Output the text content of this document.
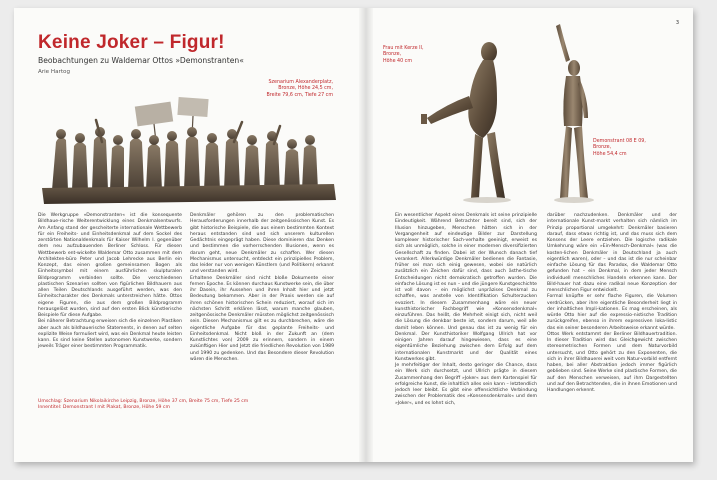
Keine Joker – Figur!
Beobachtungen zu Waldemar Ottos »Demonstranten«
Arie Hartog
Szenarium Alexanderplatz,
Bronze, Höhe 24,5 cm,
Breite 79,6 cm, Tiefe 27 cm

Die Werkgruppe »Demonstranten« ist die konsequente Bildhaue-rische Weiterentwicklung eines Denkmalsentwurfs. Am Anfang stand der gescheiterte internationale Wettbewerb für ein Freiheits- und Einheitsdenkmal auf dem Sockel des zerstörten Nationaldenkmals für Kaiser Wilhelm I. gegenüber dem neu aufzubauenden Berliner Schloss. Für diesen Wettbewerb ent-wickelte Waldemar Otto zusammen mit dem Architekten-büro Peter und Jacob Lehrecke aus Berlin ein Konzept, das einen großen gemeinsamen Bogen als Einheitssymbol mit einem ausführlichen skulpturalen Bildprogramm verbinden sollte. Die verschiedenen plastischen Szenarien sollten von figürlichen Bildhauern aus allen Teilen Deutschlands ausgeführt werden, was den Einheitscharakter des Denkmals unterstreichen hätte. Ottos eigene Figuren, die aus dem großen Bildprogramm herausgelöst wurden, sind auf den ersten Blick künstlerische Beispiele für diese Aufgabe.

Bei näherer Betrachtung erweisen sich die einzelnen Plastiken aber auch als bildhauerische Statements, in denen auf selten explizite Weise formuliert wird, was ein Denkmal heute leisten kann. Es sind keine Stellen autonomen Kunstwerke, sondern jeweils Träger einer bestimmten Programmatik.

Denkmäler gehören zu den problematischen Herausforderungen innerhalb der zeitgenössischen Kunst. Es gibt historische Beispiele, die aus einem bestimmten Kontext heraus entstanden sind und sich unserem kulturellen Gedächtnis eingeprägt haben. Diese dominieren das Denken und bestimmen die vorherrschenden Illusionen, wenn es darum geht, neue Denkmäler zu schaffen. Wer diesen Mechanismus untersucht, entdeckt ein prinzipielles Problem, das leider nur von wenigen Künstlern (und Politikern) erkannt und verstanden wird.

Erhaltene Denkmäler sind nicht bloße Dokumente einer fernen Epoche. Es können durchaus Kunstwerke sein, die über ihr Dasein, ihr Aussehen und ihren Inhalt hier und jetzt Bedeutung bekommen. Aber in der Praxis werden sie auf ihren schönen historischen Schein reduziert, worauf sich im nächsten Schritt erklären lässt, warum manche glauben, zeitgenössische Denkmäler müssten möglichst zeitgenössisch sein. Diesen Mechanismus gilt es zu durchbrechen, wäre die eigentliche Aufgabe für das geplante Freiheits- und Einheitsdenkmal. Nicht bloß in der Zukunft an (dem Kunstlichtes von) 2009 zu erinnern, sondern in einem zukünftigen Hier und Jetzt die friedlichen Revolution von 1989 und 1990 zu gedenken. Und das Besondere dieser Revolution wären die Menschen.

Umschlag: Szenarium Nikolaikirche Leipzig, Bronze, Höhe 37 cm, Breite 75 cm, Tiefe 25 cm
Innentitel: Demonstrant I mit Plakat, Bronze, Höhe 59 cm
3
Frau mit Kerze II,
Bronze,
Höhe 40 cm
Demonstrant 08 E 09,
Bronze,
Höhe 54,4 cm

Ein wesentlicher Aspekt eines Denkmals ist seine prinzipielle Eindeutigkeit. Während Betrachter bereit sind, sich der Illusion hinzugeben, Menschen hätten sich in der Vergangenheit auf eindeutige Bilder zur Darstellung komplexer historischer Sach-verhalte geeinigt, erweist es sich als unmöglich, solche in einer modernen diversifizierten Gesellschaft zu finden. Dabei ist der Wunsch danach tief verankert. Allerkwürdige Denkmäler bedienen die Fantasie, früher sei man sich einig gewesen, wobei sie natürlich zusätzlich ein Zeichen dafür sind, dass auch ästhe-tische Entscheidungen nicht demokratisch getroffen wurden. Die einfache Lösung ist es nun – und die jüngere Kunstgeschichte ist voll davon – ein möglichst unpräzises Denkmal zu schaffen, was anstelle von Identifikation Schulterzucken evoziert. In diesem Zusammenhang wäre ein neuer kunsthistorischer Fachbegriff wie »Konsensdenkmal« einzuführen. Das heißt, die Mehrheit einigt sich, nicht weil die Lösung die denkbar beste ist, sondern darum, weil alle damit leben können. Und genau das ist zu wenig für ein Denkmal. Der Kunsthistoriker Wolfgang Ullrich hat vor einigen Jahren darauf hingewiesen, dass es eine eigentümliche Beziehung zwischen dem Erfolg auf dem internationalen Kunstmarkt und der Qualität eines Kunstwerkes gibt.

Je mehrfeitiger der Inhalt, desto geringer die Chance, dass ein Werk sich durchsetzt, und Ullrich prägte in diesem Zusammenhang den Begriff »Joker« aus dem Kartenspiel für erfolgreiche Kunst, die inhaltlich alles sein kann – letztendlich jedoch leer bleibt. Es gibt eine offensichtliche Verbindung zwischen der Problematik des »Konsensdenkmals« und dem »Joker«, und es lohnt sich,

darüber nachzudenken. Denkmäler und der internationale Kunst-markt verhalten sich nämlich im Prinzip proportional umgekehrt: Denkmäler basieren darauf, dass etwas richtig ist, und das muss sich dem Konsens der Leere entziehen. Die logische radikale Umkehrung wäre ein »Ein-Mensch-Denkmal« (was die kosten-lichen Denkmäler in Deutschland ja auch eigentlich waren), oder – und das ist die nur scheinbar einfache Lösung für das Paradox, die Waldemar Otto gefunden hat – ein Denkmal, in dem jeder Mensch individuell menschliches Handeln erkennen kann. Der Bild-hauer hat dazu eine radikal neue Konzeption der menschlichen Figur entwickelt.

Formal knüpfte er sehr flache Figuren, die Volumen verdrücken, aber ihre eigentliche Besonderheit liegt in der inhaltlichen Impli-kationen. Es mag erscheinen, als würde Otto hier auf die expressio-nistische Tradition zurückgreifen, ebenso in ihrem expressiven loka-listic das ein seiner besonderen Arbeitsweise erkannt würde.

Ottos Werk entstammt der Berliner Bildhauertradition. In dieser Tradition wird das Gleichgewicht zwischen stereometrischen Formen und dem Naturvorbild untersucht, und Otto gehört zu den Exponenten, die sich in ihrer Bildhauerei weit vom Natur-vorbild entfernt haben, bei aller Abstraktion jedoch immer figürlich geblieben sind. Seine Werke sind plastische Formen, die auf den Menschen verweisen, auf ihm Dargestellten und auf den Betrachtenden, die in ihnen Emotionen und Handlungen erkennt.
